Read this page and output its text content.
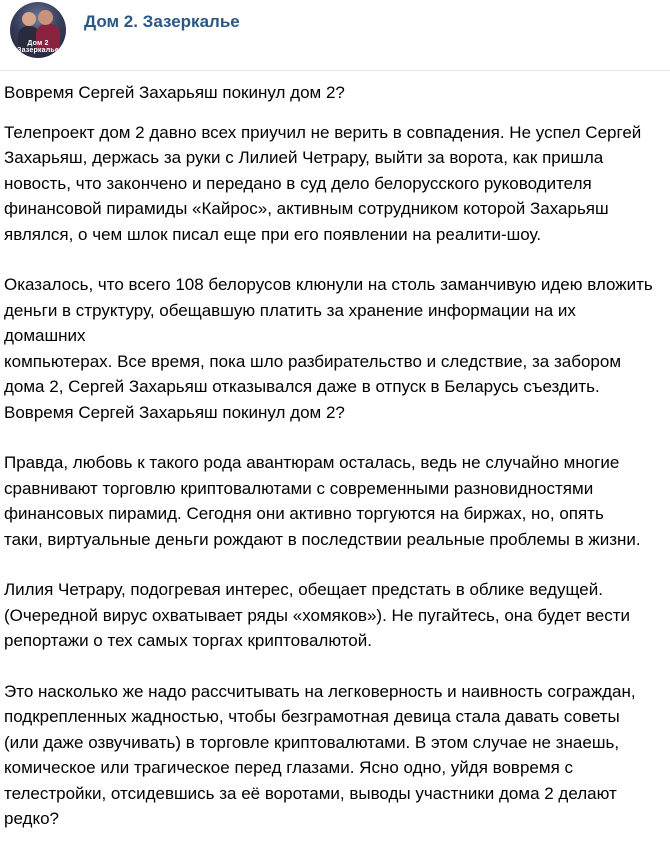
Дом 2 Зазеркалье
Дом 2. Зазеркалье

Вовремя Сергей Захарьяш покинул дом 2?

Телепроект дом 2 давно всех приучил не верить в совпадения. Не успел Сергей
Захарьяш, держась за руки с Лилией Четрару, выйти за ворота, как пришла
новость, что закончено и передано в суд дело белорусского руководителя
финансовой пирамиды «Кайрос», активным сотрудником которой Захарьяш
являлся, о чем шлок писал еще при его появлении на реалити-шоу.

Оказалось, что всего 108 белорусов клюнули на столь заманчивую идею вложить
деньги в структуру, обещавшую платить за хранение информации на их домашних
компьютерах. Все время, пока шло разбирательство и следствие, за забором
дома 2, Сергей Захарьяш отказывался даже в отпуск в Беларусь съездить.
Вовремя Сергей Захарьяш покинул дом 2?

Правда, любовь к такого рода авантюрам осталась, ведь не случайно многие
сравнивают торговлю криптовалютами с современными разновидностями
финансовых пирамид. Сегодня они активно торгуются на биржах, но, опять
таки, виртуальные деньги рождают в последствии реальные проблемы в жизни.

Лилия Четрару, подогревая интерес, обещает предстать в облике ведущей.
(Очередной вирус охватывает ряды «хомяков»). Не пугайтесь, она будет вести
репортажи о тех самых торгах криптовалютой.

Это насколько же надо рассчитывать на легковерность и наивность сограждан,
подкрепленных жадностью, чтобы безграмотная девица стала давать советы
(или даже озвучивать) в торговле криптовалютами. В этом случае не знаешь,
комическое или трагическое перед глазами. Ясно одно, уйдя вовремя с
телестройки, отсидевшись за её воротами, выводы участники дома 2 делают
редко?
